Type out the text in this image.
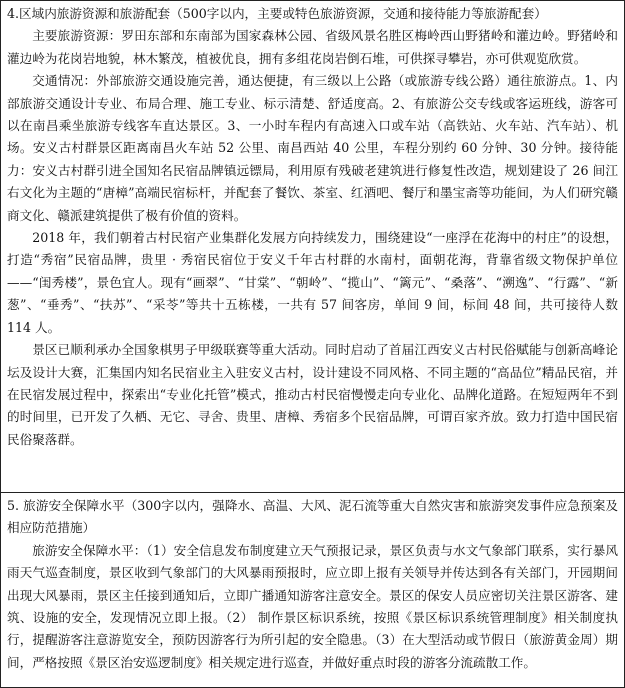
4.区域内旅游资源和旅游配套（500字以内，主要或特色旅游资源，交通和接待能力等旅游配套）

主要旅游资源：罗田东部和东南部为国家森林公园、省级风景名胜区梅岭西山野猪岭和灌边岭。野猪岭和灌边岭为花岗岩地貌，林木繁茂，植被优良，拥有多组花岗岩倒石堆，可供探寻攀岩，亦可供观览欣赏。

交通情况：外部旅游交通设施完善，通达便捷，有三级以上公路（或旅游专线公路）通往旅游点。1、内部旅游交通设计专业、布局合理、施工专业、标示清楚、舒适度高。2、有旅游公交专线或客运班线，游客可以在南昌乘坐旅游专线客车直达景区。3、一小时车程内有高速入口或车站（高铁站、火车站、汽车站）、机场。安义古村群景区距离南昌火车站 52 公里、南昌西站 40 公里，车程分别约 60 分钟、30 分钟。接待能力：安义古村群引进全国知名民宿品牌镇远镖局，利用原有残破老建筑进行修复性改造，规划建设了 26 间江右文化为主题的“唐樟”高端民宿标杆，并配套了餐饮、茶室、红酒吧、餐厅和墨宝斋等功能间，为人们研究赣商文化、赣派建筑提供了极有价值的资料。

2018 年，我们朝着古村民宿产业集群化发展方向持续发力，围绕建设“一座浮在花海中的村庄”的设想，打造“秀宿”民宿品牌，贵里 · 秀宿民宿位于安义千年古村群的水南村，面朝花海，背靠省级文物保护单位——“闺秀楼”，景色宜人。现有“画翠”、“甘棠”、“朝岭”、“揽山”、“篱元”、“桑落”、“溯逸”、“行露”、“新葱”、“垂秀”、“扶苏”、“采苓”等共十五栋楼，一共有 57 间客房，单间 9 间，标间 48 间，共可接待人数 114 人。

景区已顺利承办全国象棋男子甲级联赛等重大活动。同时启动了首届江西安义古村民俗赋能与创新高峰论坛及设计大赛，汇集国内知名民宿业主入驻安义古村，设计建设不同风格、不同主题的“高品位”精品民宿，并在民宿发展过程中，探索出“专业化托管”模式，推动古村民宿慢慢走向专业化、品牌化道路。在短短两年不到的时间里，已开发了久栖、无它、寻舍、贵里、唐樟、秀宿多个民宿品牌，可谓百家齐放。致力打造中国民宿民俗聚落群。

5. 旅游安全保障水平（300字以内，强降水、高温、大风、泥石流等重大自然灾害和旅游突发事件应急预案及相应防范措施）

旅游安全保障水平：（1）安全信息发布制度建立天气预报记录，景区负责与水文气象部门联系，实行暴风雨天气巡查制度，景区收到气象部门的大风暴雨预报时，应立即上报有关领导并传达到各有关部门，开园期间出现大风暴雨，景区主任接到通知后，立即广播通知游客注意安全。景区的保安人员应密切关注景区游客、建筑、设施的安全，发现情况立即上报。（2） 制作景区标识系统，按照《景区标识系统管理制度》相关制度执行，提醒游客注意游览安全，预防因游客行为所引起的安全隐患。（3）在大型活动或节假日（旅游黄金周）期间，严格按照《景区治安巡逻制度》相关规定进行巡查，并做好重点时段的游客分流疏散工作。
